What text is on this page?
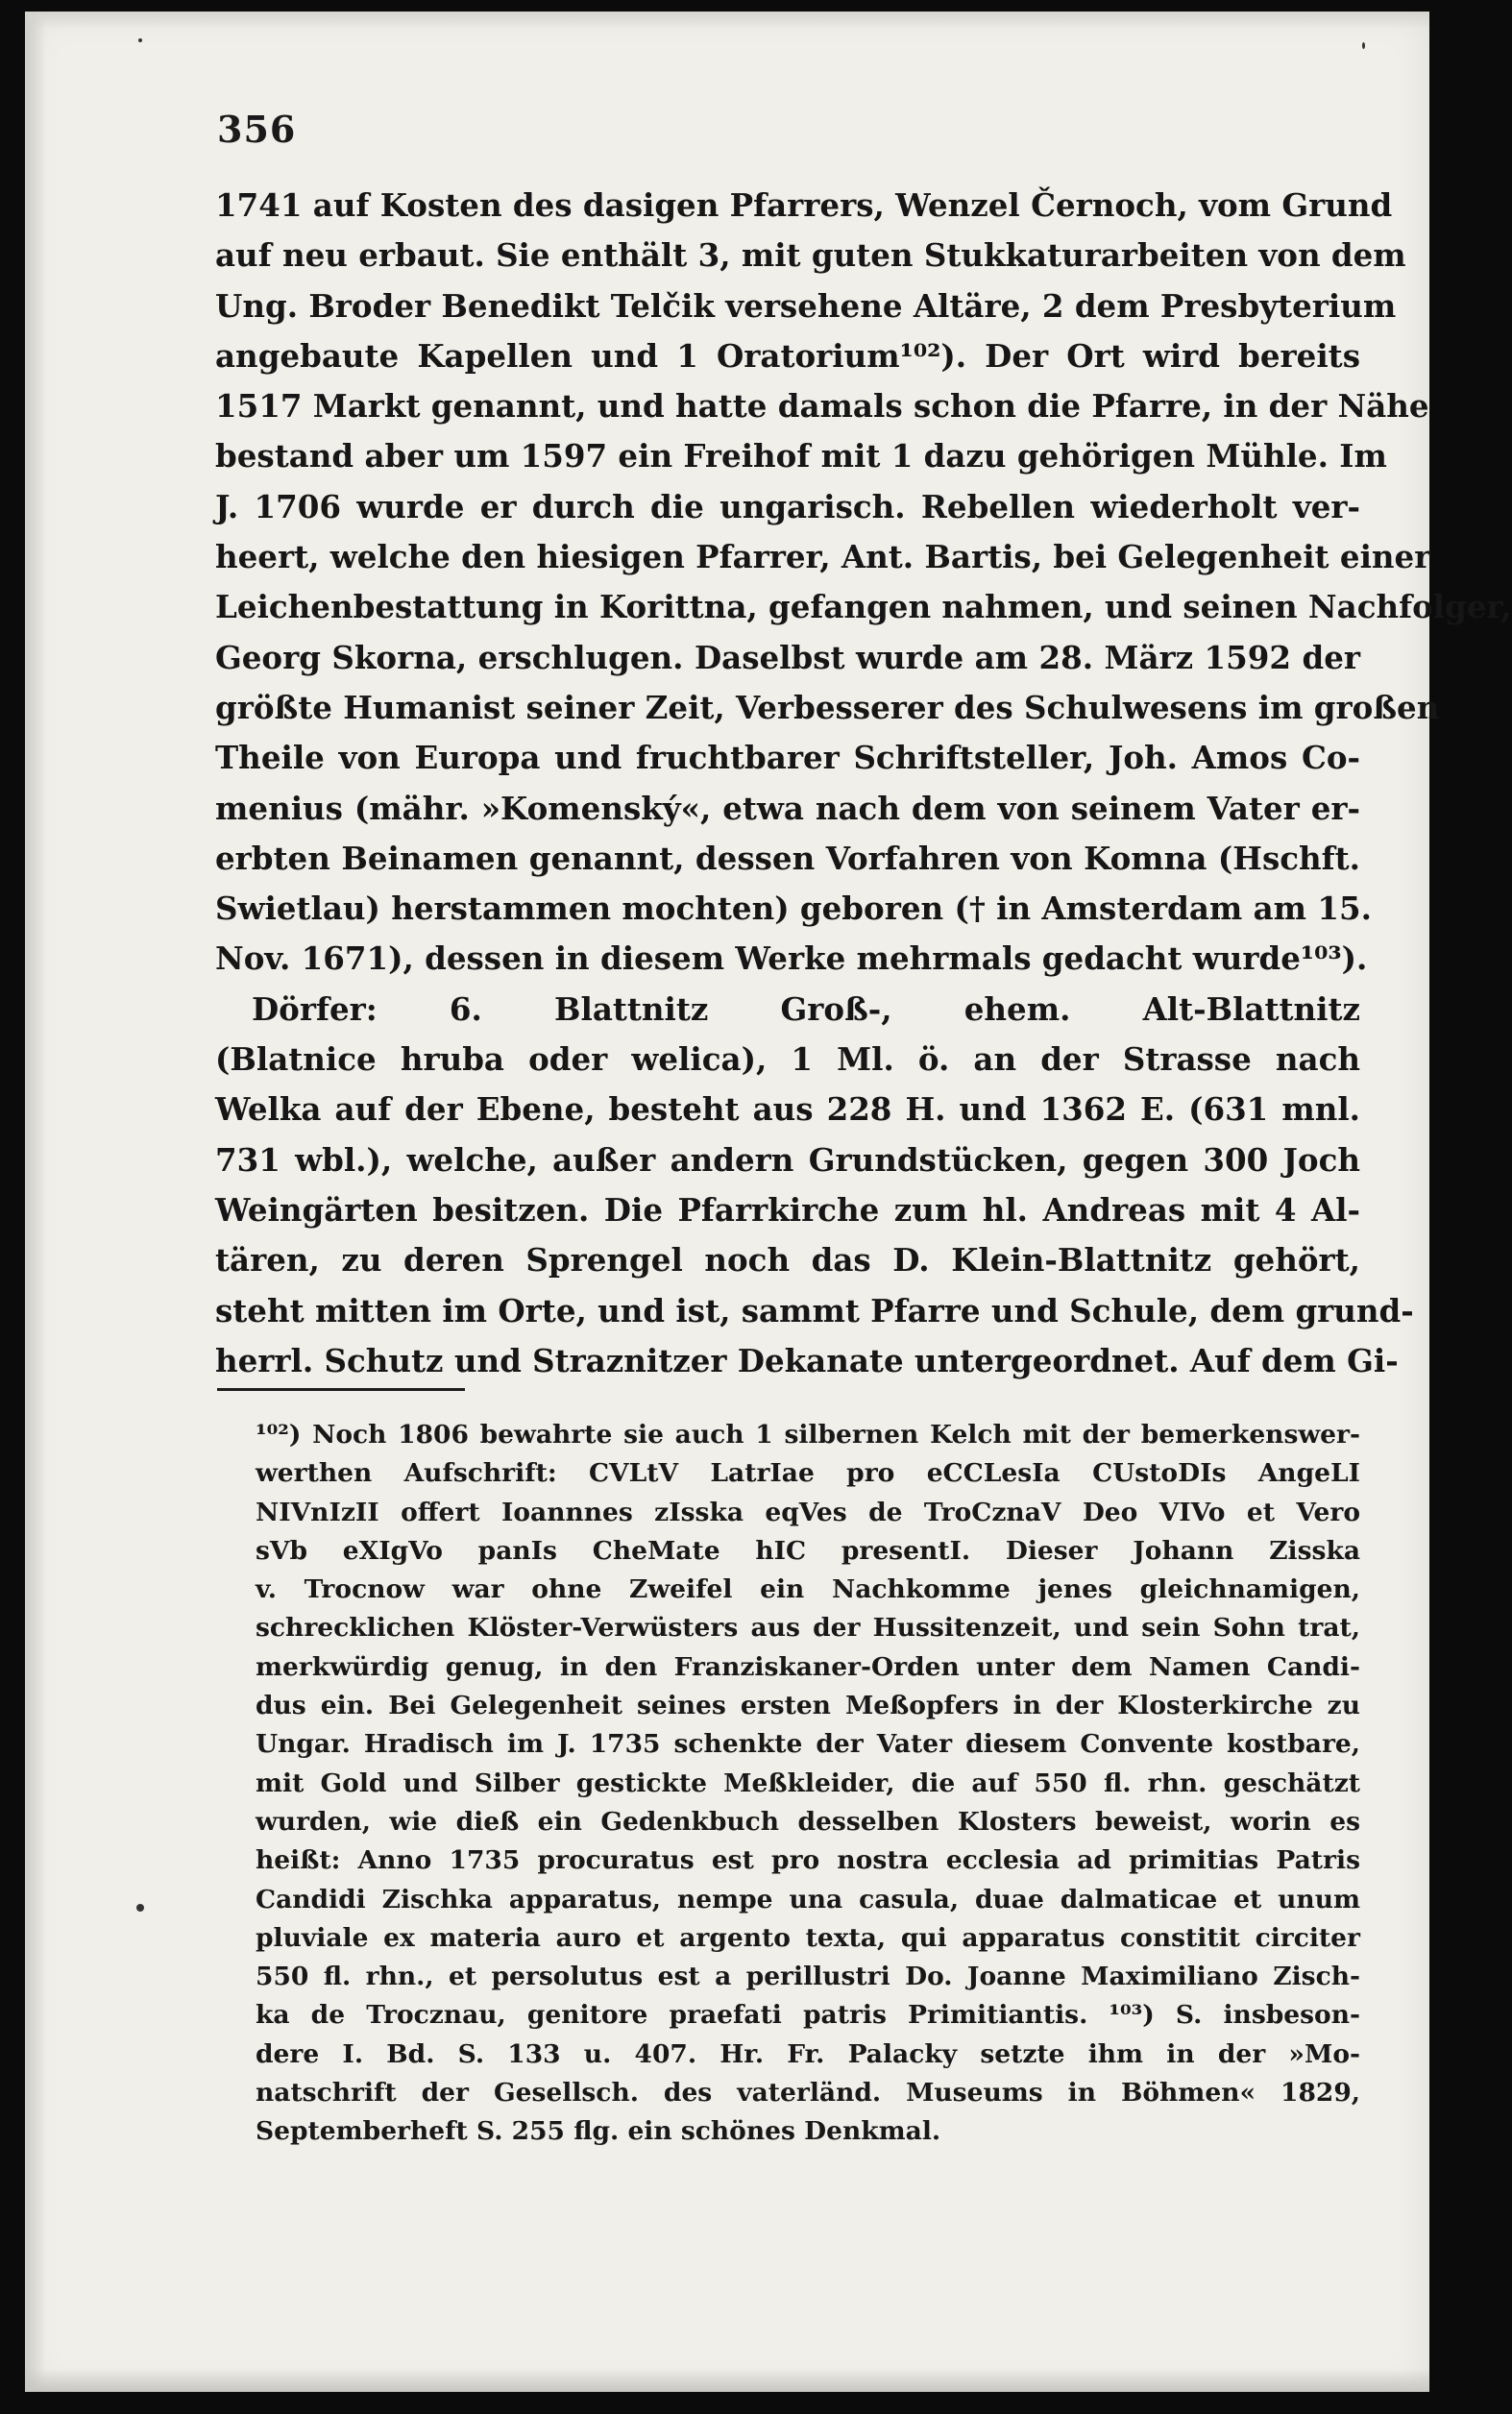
356
1741 auf Kosten des dasigen Pfarrers, Wenzel Černoch, vom Grund
auf neu erbaut. Sie enthält 3, mit guten Stukkaturarbeiten von dem
Ung. Broder Benedikt Telčik versehene Altäre, 2 dem Presbyterium
angebaute Kapellen und 1 Oratorium¹⁰²). Der Ort wird bereits
1517 Markt genannt, und hatte damals schon die Pfarre, in der Nähe
bestand aber um 1597 ein Freihof mit 1 dazu gehörigen Mühle. Im
J. 1706 wurde er durch die ungarisch. Rebellen wiederholt ver-
heert, welche den hiesigen Pfarrer, Ant. Bartis, bei Gelegenheit einer
Leichenbestattung in Korittna, gefangen nahmen, und seinen Nachfolger,
Georg Skorna, erschlugen. Daselbst wurde am 28. März 1592 der
größte Humanist seiner Zeit, Verbesserer des Schulwesens im großen
Theile von Europa und fruchtbarer Schriftsteller, Joh. Amos Co-
menius (mähr. »Komenský«, etwa nach dem von seinem Vater er-
erbten Beinamen genannt, dessen Vorfahren von Komna (Hschft.
Swietlau) herstammen mochten) geboren († in Amsterdam am 15.
Nov. 1671), dessen in diesem Werke mehrmals gedacht wurde¹⁰³).
Dörfer: 6. Blattnitz Groß-, ehem. Alt-Blattnitz
(Blatnice hruba oder welica), 1 Ml. ö. an der Strasse nach
Welka auf der Ebene, besteht aus 228 H. und 1362 E. (631 mnl.
731 wbl.), welche, außer andern Grundstücken, gegen 300 Joch
Weingärten besitzen. Die Pfarrkirche zum hl. Andreas mit 4 Al-
tären, zu deren Sprengel noch das D. Klein-Blattnitz gehört,
steht mitten im Orte, und ist, sammt Pfarre und Schule, dem grund-
herrl. Schutz und Straznitzer Dekanate untergeordnet. Auf dem Gi-
¹⁰²) Noch 1806 bewahrte sie auch 1 silbernen Kelch mit der bemerkenswer-
werthen Aufschrift: CVLtV LatrIae pro eCCLesIa CUstoDIs AngeLI
NIVnIzII offert Ioannnes zIsska eqVes de TroCznaV Deo VIVo et Vero
sVb eXIgVo panIs CheMate hIC presentI. Dieser Johann Zisska
v. Trocnow war ohne Zweifel ein Nachkomme jenes gleichnamigen,
schrecklichen Klöster-Verwüsters aus der Hussitenzeit, und sein Sohn trat,
merkwürdig genug, in den Franziskaner-Orden unter dem Namen Candi-
dus ein. Bei Gelegenheit seines ersten Meßopfers in der Klosterkirche zu
Ungar. Hradisch im J. 1735 schenkte der Vater diesem Convente kostbare,
mit Gold und Silber gestickte Meßkleider, die auf 550 fl. rhn. geschätzt
wurden, wie dieß ein Gedenkbuch desselben Klosters beweist, worin es
heißt: Anno 1735 procuratus est pro nostra ecclesia ad primitias Patris
Candidi Zischka apparatus, nempe una casula, duae dalmaticae et unum
pluviale ex materia auro et argento texta, qui apparatus constitit circiter
550 fl. rhn., et persolutus est a perillustri Do. Joanne Maximiliano Zisch-
ka de Trocznau, genitore praefati patris Primitiantis. ¹⁰³) S. insbeson-
dere I. Bd. S. 133 u. 407. Hr. Fr. Palacky setzte ihm in der »Mo-
natschrift der Gesellsch. des vaterländ. Museums in Böhmen« 1829,
Septemberheft S. 255 flg. ein schönes Denkmal.
